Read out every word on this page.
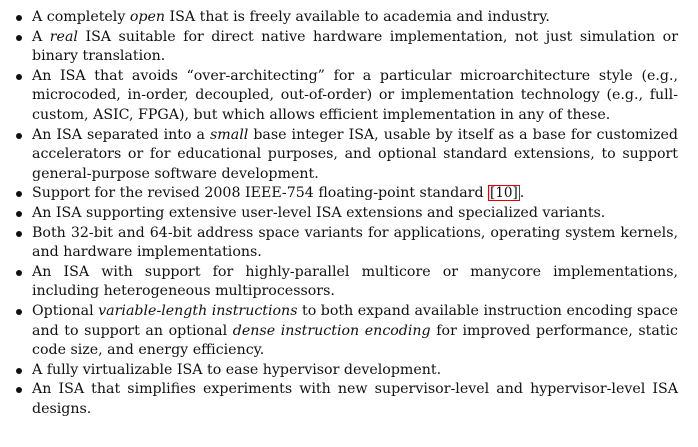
A completely open ISA that is freely available to academia and industry.
A real ISA suitable for direct native hardware implementation, not just simulation or binary translation.
An ISA that avoids “over-architecting” for a particular microarchitecture style (e.g., microcoded, in-order, decoupled, out-of-order) or implementation technology (e.g., full-custom, ASIC, FPGA), but which allows efficient implementation in any of these.
An ISA separated into a small base integer ISA, usable by itself as a base for customized accelerators or for educational purposes, and optional standard extensions, to support general-purpose software development.
Support for the revised 2008 IEEE-754 floating-point standard [10] .
An ISA supporting extensive user-level ISA extensions and specialized variants.
Both 32-bit and 64-bit address space variants for applications, operating system kernels, and hardware implementations.
An ISA with support for highly-parallel multicore or manycore implementations, including heterogeneous multiprocessors.
Optional variable-length instructions to both expand available instruction encoding space and to support an optional dense instruction encoding for improved performance, static code size, and energy efficiency.
A fully virtualizable ISA to ease hypervisor development.
An ISA that simplifies experiments with new supervisor-level and hypervisor-level ISA designs.
